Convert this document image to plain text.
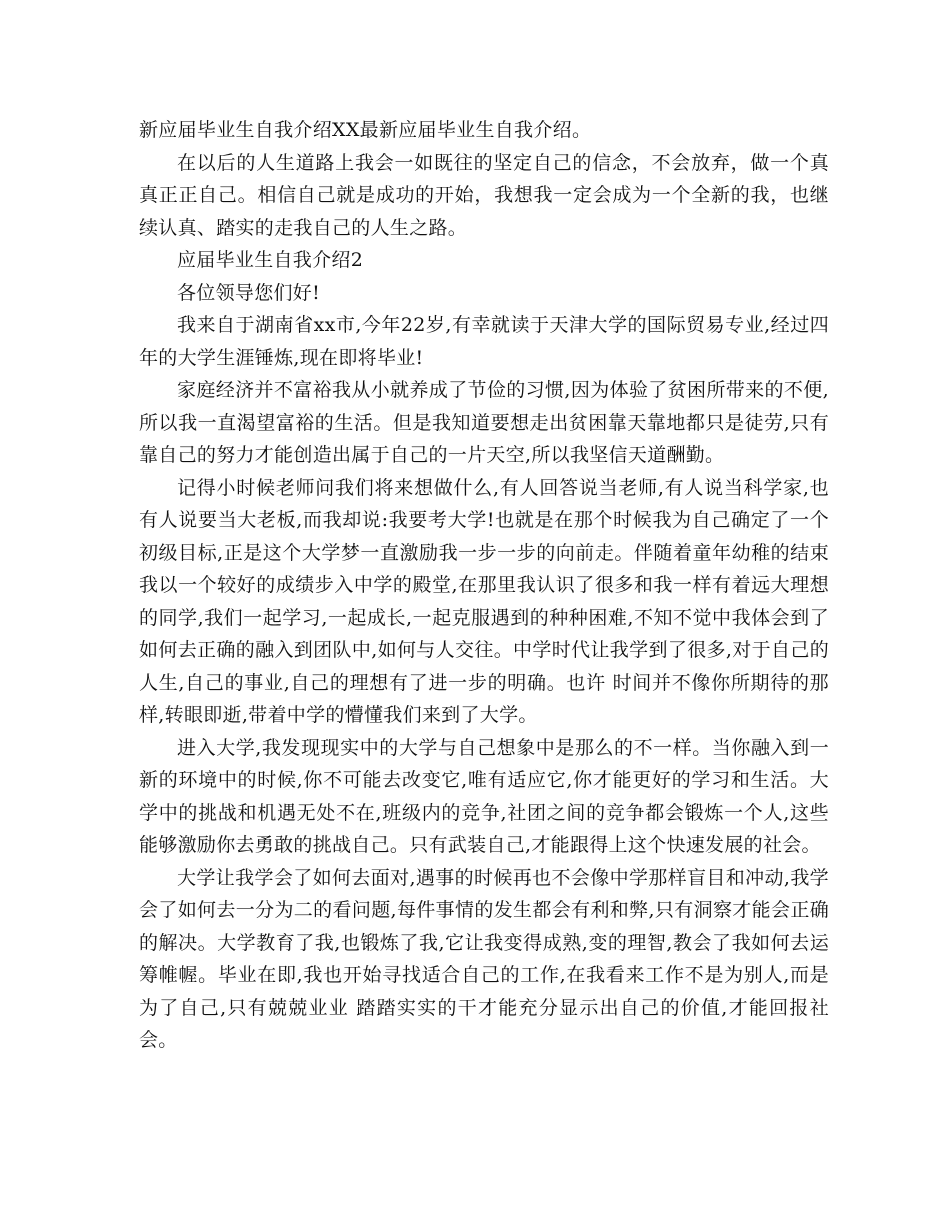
新应届毕业生自我介绍XX最新应届毕业生自我介绍。

在以后的人生道路上我会一如既往的坚定自己的信念，不会放弃，做一个真真正正自己。相信自己就是成功的开始，我想我一定会成为一个全新的我，也继续认真、踏实的走我自己的人生之路。

应届毕业生自我介绍2

各位领导您们好!

我来自于湖南省xx市,今年22岁,有幸就读于天津大学的国际贸易专业,经过四年的大学生涯锤炼,现在即将毕业!

家庭经济并不富裕我从小就养成了节俭的习惯,因为体验了贫困所带来的不便,所以我一直渴望富裕的生活。但是我知道要想走出贫困靠天靠地都只是徒劳,只有靠自己的努力才能创造出属于自己的一片天空,所以我坚信天道酬勤。

记得小时候老师问我们将来想做什么,有人回答说当老师,有人说当科学家,也有人说要当大老板,而我却说:我要考大学!也就是在那个时候我为自己确定了一个初级目标,正是这个大学梦一直激励我一步一步的向前走。伴随着童年幼稚的结束我以一个较好的成绩步入中学的殿堂,在那里我认识了很多和我一样有着远大理想的同学,我们一起学习,一起成长,一起克服遇到的种种困难,不知不觉中我体会到了如何去正确的融入到团队中,如何与人交往。中学时代让我学到了很多,对于自己的人生,自己的事业,自己的理想有了进一步的明确。也许 时间并不像你所期待的那样,转眼即逝,带着中学的懵懂我们来到了大学。

进入大学,我发现现实中的大学与自己想象中是那么的不一样。当你融入到一新的环境中的时候,你不可能去改变它,唯有适应它,你才能更好的学习和生活。大学中的挑战和机遇无处不在,班级内的竞争,社团之间的竞争都会锻炼一个人,这些能够激励你去勇敢的挑战自己。只有武装自己,才能跟得上这个快速发展的社会。

大学让我学会了如何去面对,遇事的时候再也不会像中学那样盲目和冲动,我学会了如何去一分为二的看问题,每件事情的发生都会有利和弊,只有洞察才能会正确的解决。大学教育了我,也锻炼了我,它让我变得成熟,变的理智,教会了我如何去运筹帷幄。毕业在即,我也开始寻找适合自己的工作,在我看来工作不是为别人,而是为了自己,只有兢兢业业 踏踏实实的干才能充分显示出自己的价值,才能回报社会。
